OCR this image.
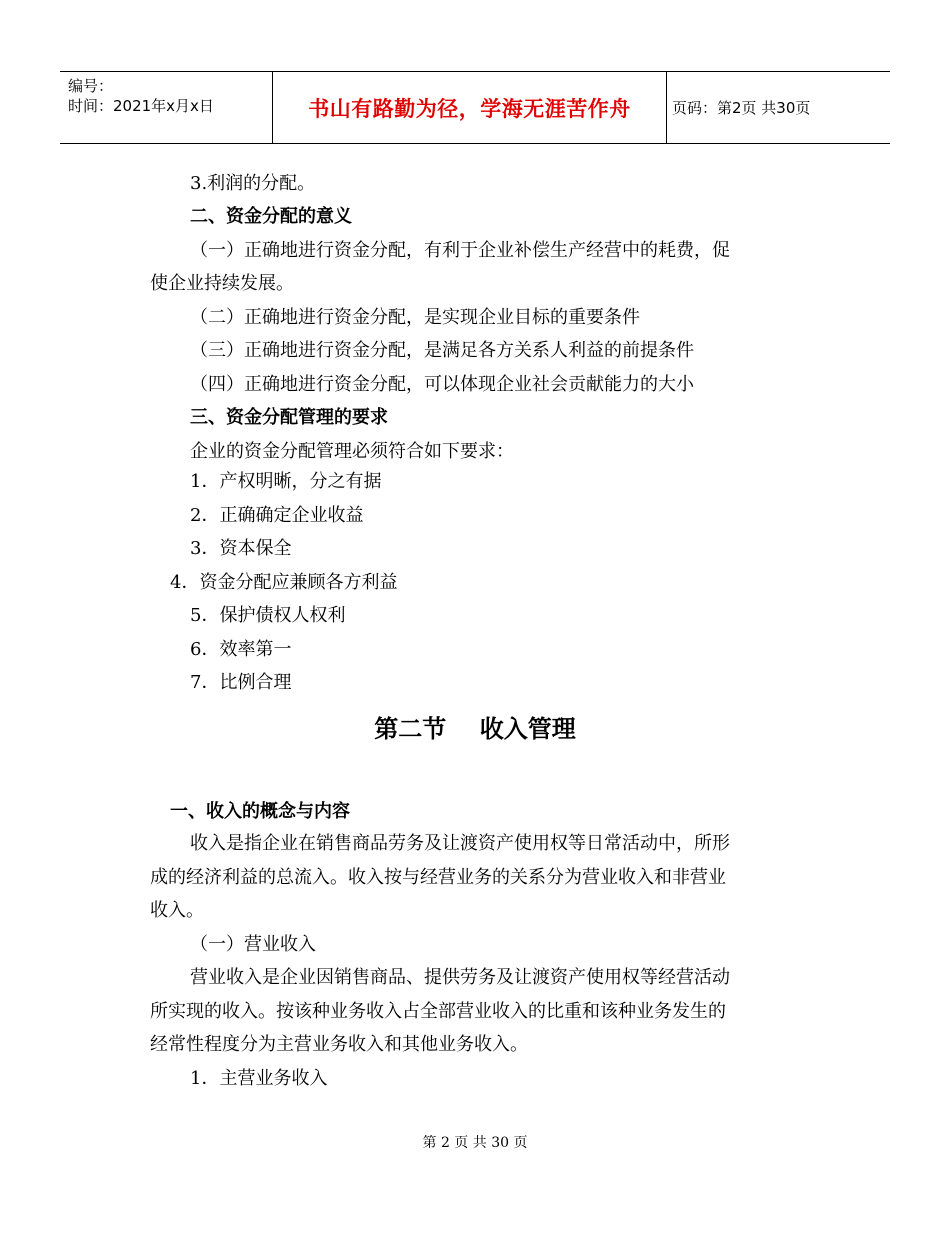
编号：
时间：2021年x月x日	书山有路勤为径，学海无涯苦作舟	页码：第2页 共30页
3.利润的分配。
二、资金分配的意义
（一）正确地进行资金分配，有利于企业补偿生产经营中的耗费，促
使企业持续发展。
（二）正确地进行资金分配，是实现企业目标的重要条件
（三）正确地进行资金分配，是满足各方关系人利益的前提条件
（四）正确地进行资金分配，可以体现企业社会贡献能力的大小
三、资金分配管理的要求
企业的资金分配管理必须符合如下要求：
1．产权明晰，分之有据
2．正确确定企业收益
3．资本保全
4．资金分配应兼顾各方利益
5．保护债权人权利
6．效率第一
7．比例合理
第二节    收入管理
一、收入的概念与内容
收入是指企业在销售商品劳务及让渡资产使用权等日常活动中，所形
成的经济利益的总流入。收入按与经营业务的关系分为营业收入和非营业
收入。
（一）营业收入
营业收入是企业因销售商品、提供劳务及让渡资产使用权等经营活动
所实现的收入。按该种业务收入占全部营业收入的比重和该种业务发生的
经常性程度分为主营业务收入和其他业务收入。
1．主营业务收入
第 2 页 共 30 页
